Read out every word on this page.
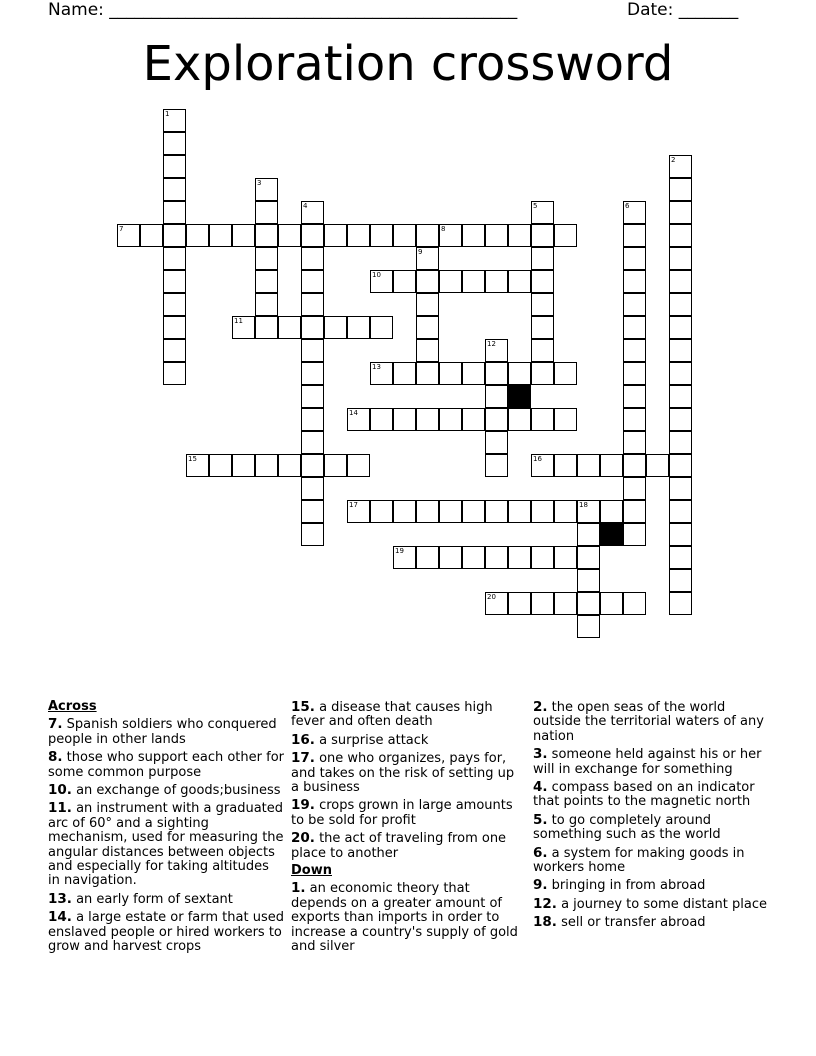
Name: ________________________________________________	Date: _______
Exploration crossword
1
2
3
4	5	6
7	8
9
10
11
12
13
14
15	16
17	18
19
20
Across
7. Spanish soldiers who conquered people in other lands
8. those who support each other for some common purpose
10. an exchange of goods;business
11. an instrument with a graduated arc of 60° and a sighting mechanism, used for measuring the angular distances between objects and especially for taking altitudes in navigation.
13. an early form of sextant
14. a large estate or farm that used enslaved people or hired workers to grow and harvest crops
15. a disease that causes high fever and often death
16. a surprise attack
17. one who organizes, pays for, and takes on the risk of setting up a business
19. crops grown in large amounts to be sold for profit
20. the act of traveling from one place to another
Down
1. an economic theory that depends on a greater amount of exports than imports in order to increase a country's supply of gold and silver
2. the open seas of the world outside the territorial waters of any nation
3. someone held against his or her will in exchange for something
4. compass based on an indicator that points to the magnetic north
5. to go completely around something such as the world
6. a system for making goods in workers home
9. bringing in from abroad
12. a journey to some distant place
18. sell or transfer abroad
